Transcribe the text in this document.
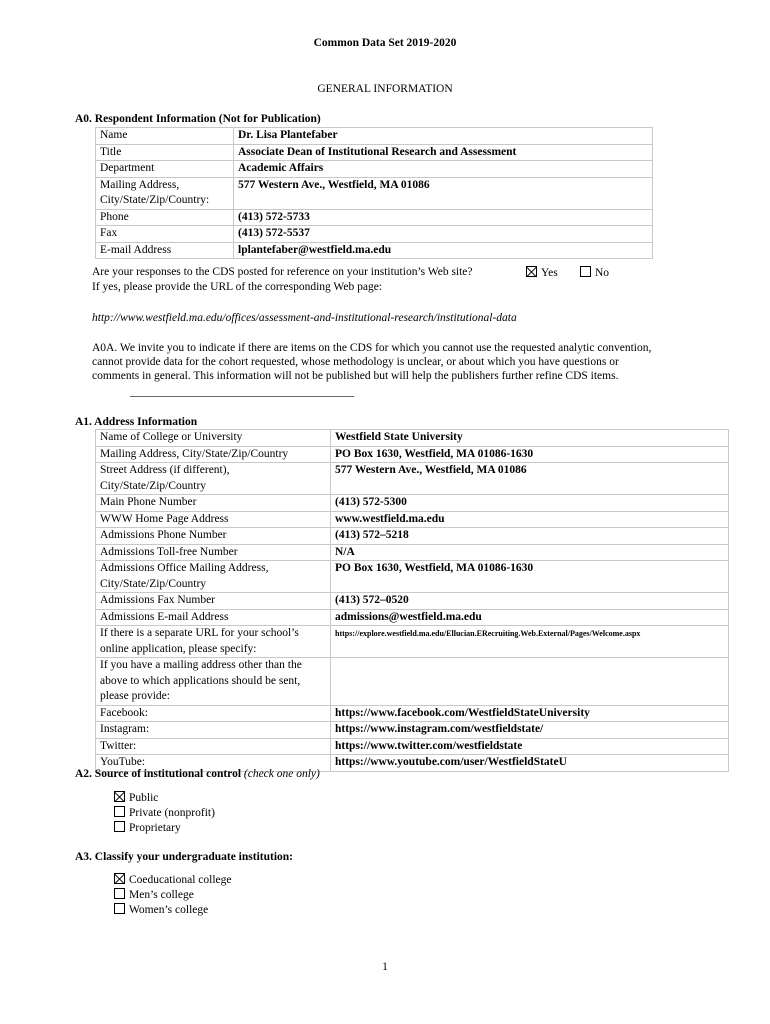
Common Data Set 2019-2020
GENERAL INFORMATION
A0. Respondent Information (Not for Publication)
Name	Dr. Lisa Plantefaber
Title	Associate Dean of Institutional Research and Assessment
Department	Academic Affairs

Mailing Address,
City/State/Zip/Country:	577 Western Ave., Westfield, MA 01086
Phone	(413) 572-5733
Fax	(413) 572-5537
E-mail Address	lplantefaber@westfield.ma.edu
Are your responses to the CDS posted for reference on your institution’s Web site?	Yes	No
If yes, please provide the URL of the corresponding Web page:
http://www.westfield.ma.edu/offices/assessment-and-institutional-research/institutional-data
A0A. We invite you to indicate if there are items on the CDS for which you cannot use the requested analytic convention,
cannot provide data for the cohort requested, whose methodology is unclear, or about which you have questions or
comments in general. This information will not be published but will help the publishers further refine CDS items.
_______________________________________
A1. Address Information
Name of College or University	Westfield State University
Mailing Address, City/State/Zip/Country	PO Box 1630, Westfield, MA 01086-1630

Street Address (if different),
City/State/Zip/Country	577 Western Ave., Westfield, MA 01086
Main Phone Number	(413) 572-5300
WWW Home Page Address	www.westfield.ma.edu
Admissions Phone Number	(413) 572–5218
Admissions Toll-free Number	N/A

Admissions Office Mailing Address,
City/State/Zip/Country	PO Box 1630, Westfield, MA 01086-1630
Admissions Fax Number	(413) 572–0520
Admissions E-mail Address	admissions@westfield.ma.edu

If there is a separate URL for your school’s
online application, please specify:	https://explore.westfield.ma.edu/Ellucian.ERecruiting.Web.External/Pages/Welcome.aspx

If you have a mailing address other than the
above to which applications should be sent,
please provide:	

Facebook:	https://www.facebook.com/WestfieldStateUniversity
Instagram:	https://www.instagram.com/westfieldstate/
Twitter:	https://www.twitter.com/westfieldstate
YouTube:	https://www.youtube.com/user/WestfieldStateU
A2. Source of institutional control (check one only)
Public
Private (nonprofit)
Proprietary
A3. Classify your undergraduate institution:
Coeducational college
Men’s college
Women’s college
1
